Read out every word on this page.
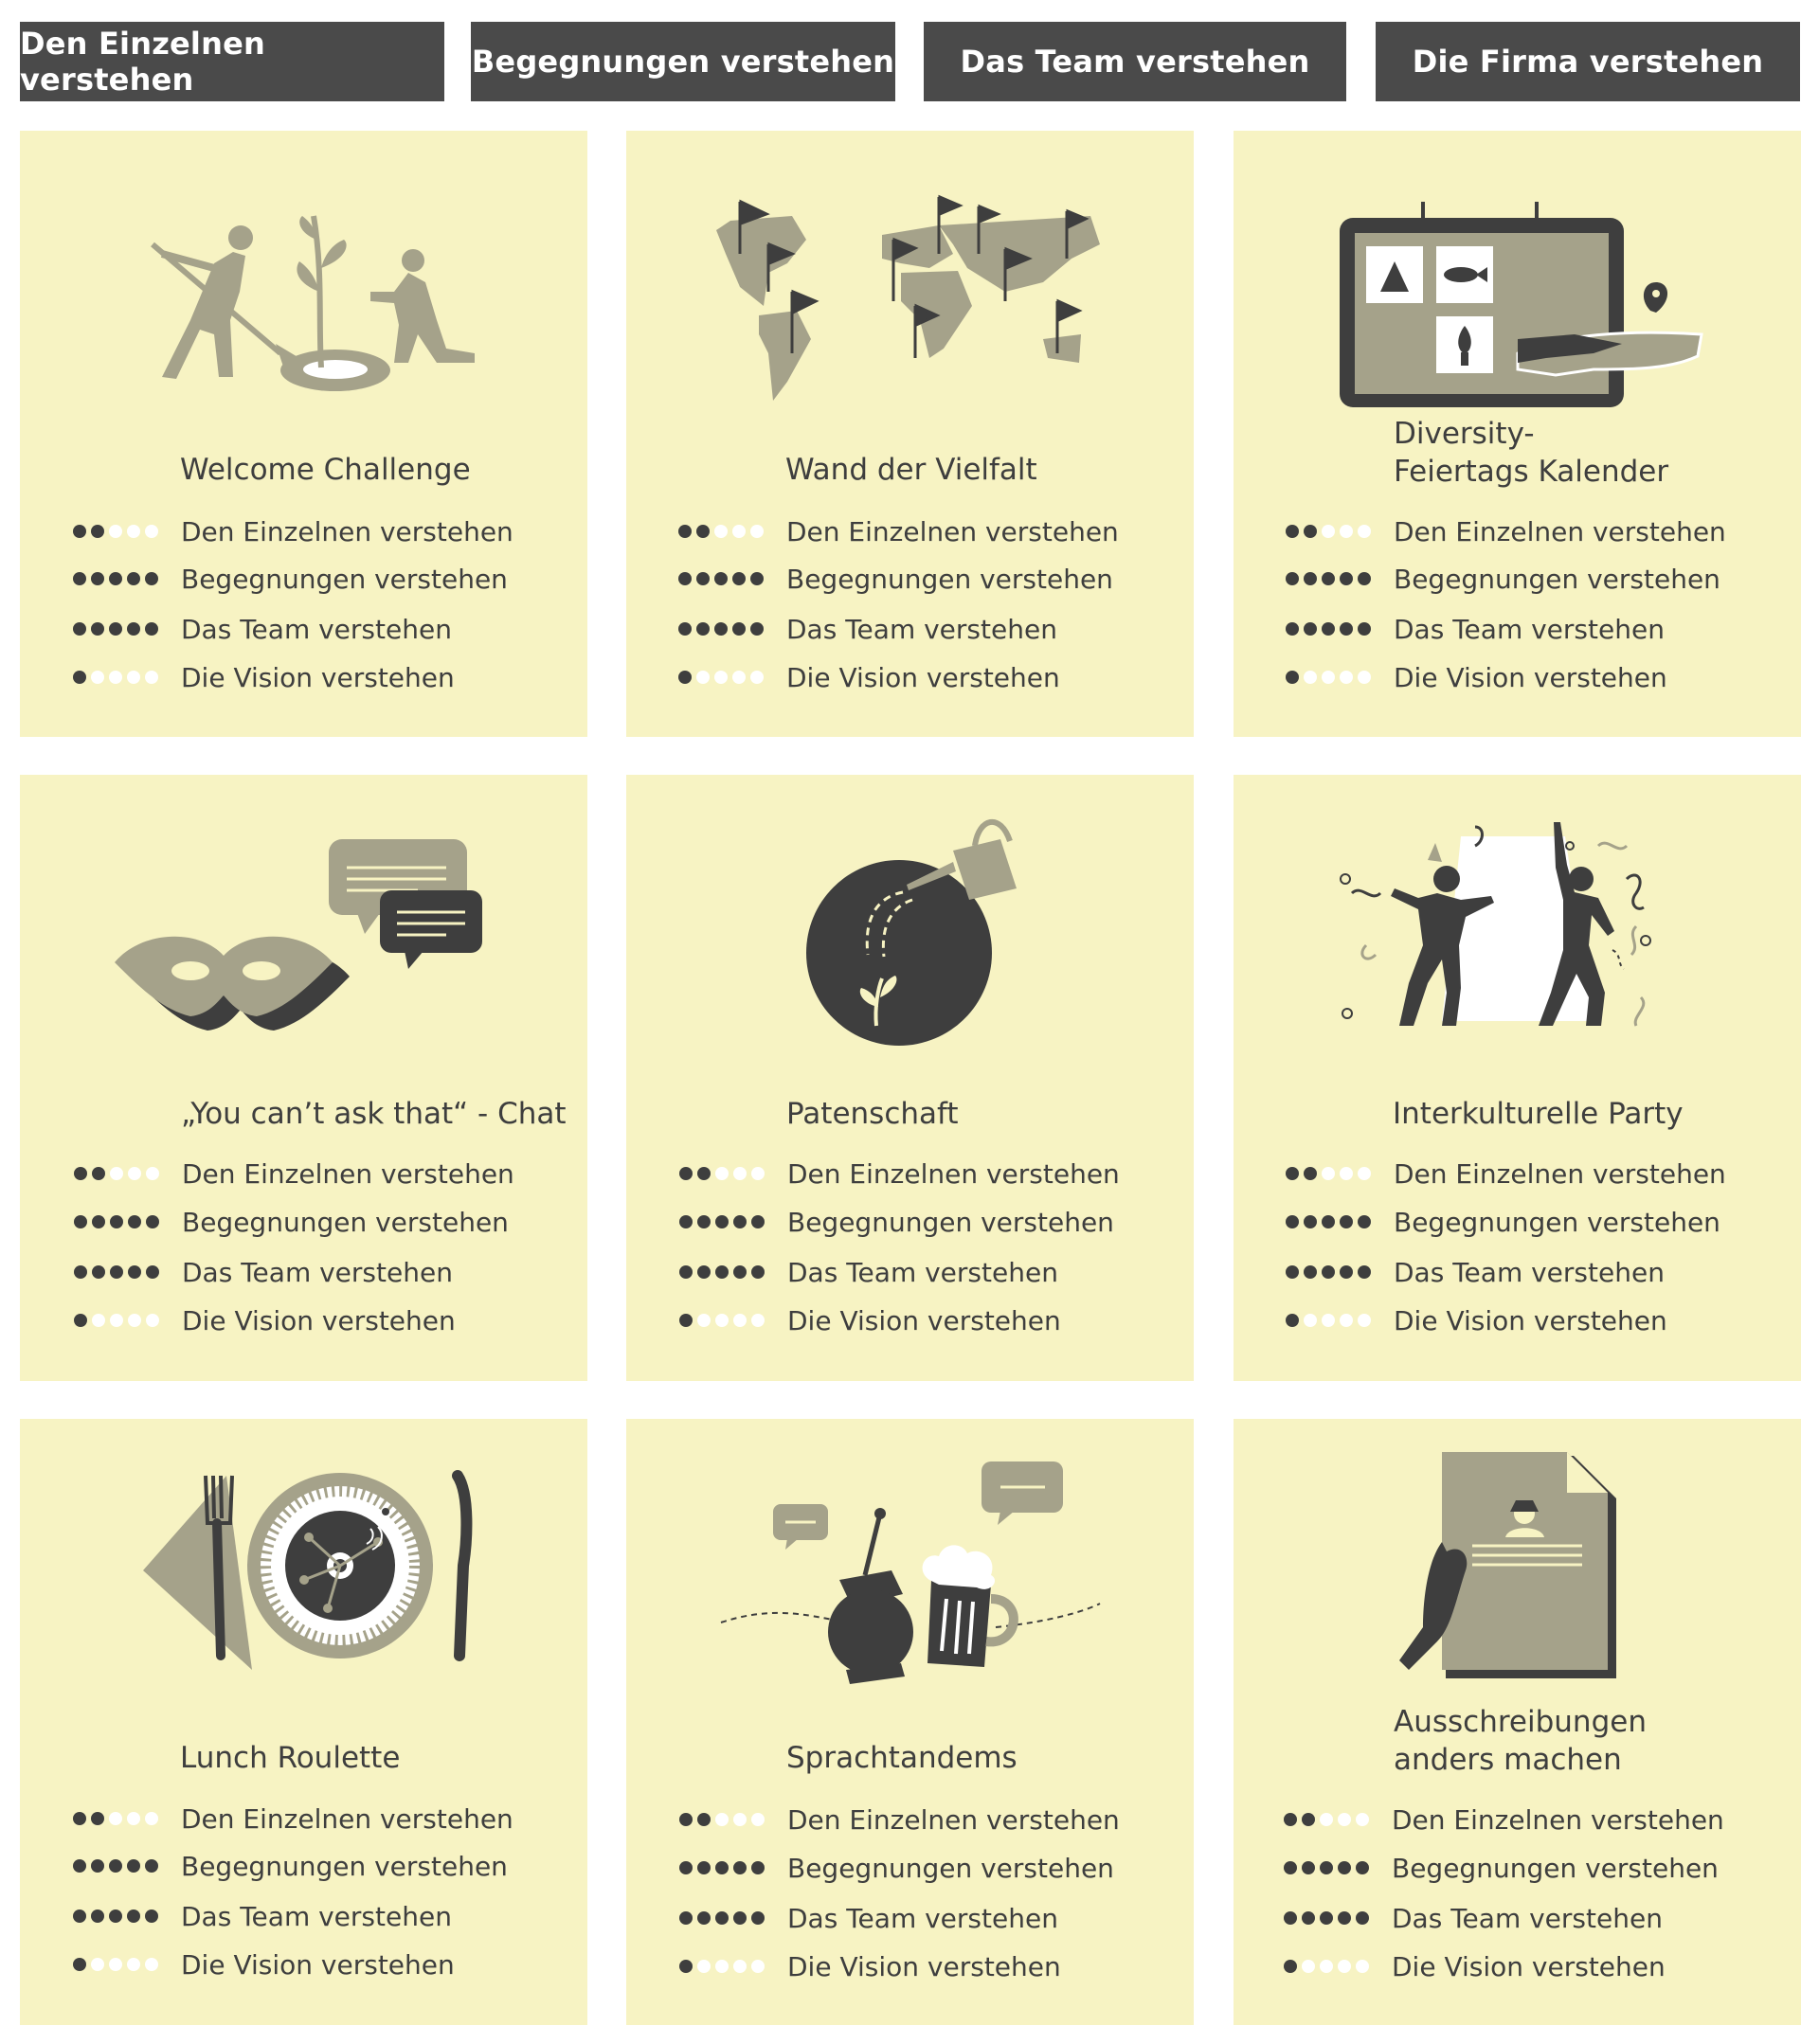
Den Einzelnen verstehen	Begegnungen verstehen Das Team verstehen	Die Firma verstehen
Welcome Challenge
Den Einzelnen verstehen
Begegnungen verstehen
Das Team verstehen
Die Vision verstehen
Wand der Vielfalt
Den Einzelnen verstehen
Begegnungen verstehen
Das Team verstehen
Die Vision verstehen
Diversity-
Feiertags Kalender
Den Einzelnen verstehen
Begegnungen verstehen
Das Team verstehen
Die Vision verstehen
„You can’t ask that“ - Chat
Den Einzelnen verstehen
Begegnungen verstehen
Das Team verstehen
Die Vision verstehen
Patenschaft
Den Einzelnen verstehen
Begegnungen verstehen
Das Team verstehen
Die Vision verstehen
Interkulturelle Party
Den Einzelnen verstehen
Begegnungen verstehen
Das Team verstehen
Die Vision verstehen
Lunch Roulette
Den Einzelnen verstehen
Begegnungen verstehen
Das Team verstehen
Die Vision verstehen
Sprachtandems
Den Einzelnen verstehen
Begegnungen verstehen
Das Team verstehen
Die Vision verstehen
Ausschreibungen
anders machen
Den Einzelnen verstehen
Begegnungen verstehen
Das Team verstehen
Die Vision verstehen
